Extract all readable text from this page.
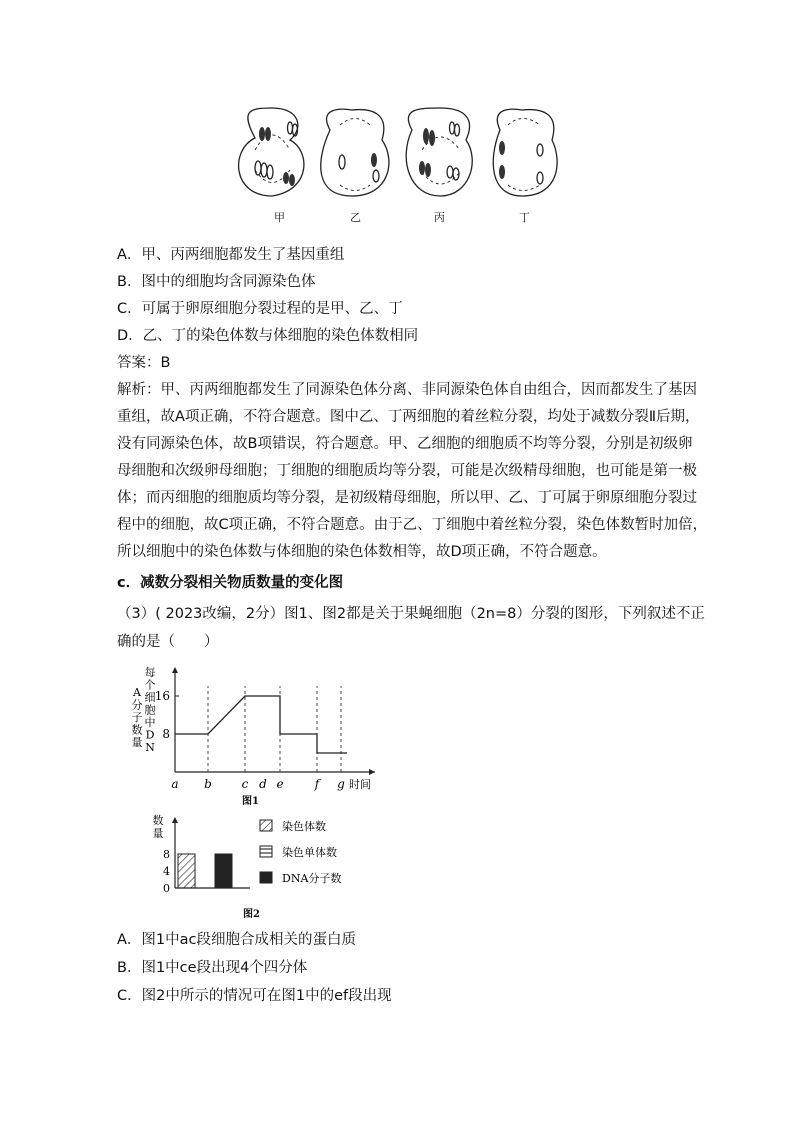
甲	乙	丙	丁
A．甲、丙两细胞都发生了基因重组
B．图中的细胞均含同源染色体
C．可属于卵原细胞分裂过程的是甲、乙、丁
D．乙、丁的染色体数与体细胞的染色体数相同
答案：B
解析：甲、丙两细胞都发生了同源染色体分离、非同源染色体自由组合，因而都发生了基因
重组，故A项正确，不符合题意。图中乙、丁两细胞的着丝粒分裂，均处于减数分裂Ⅱ后期，
没有同源染色体，故B项错误，符合题意。甲、乙细胞的细胞质不均等分裂，分别是初级卵
母细胞和次级卵母细胞；丁细胞的细胞质均等分裂，可能是次级精母细胞，也可能是第一极
体；而丙细胞的细胞质均等分裂，是初级精母细胞，所以甲、乙、丁可属于卵原细胞分裂过
程中的细胞，故C项正确，不符合题意。由于乙、丁细胞中着丝粒分裂，染色体数暂时加倍，
所以细胞中的染色体数与体细胞的染色体数相等，故D项正确，不符合题意。
c．减数分裂相关物质数量的变化图
（3）( 2023改编，2分）图1、图2都是关于果蝇细胞（2n=8）分裂的图形，下列叙述不正
确的是（　　）
每
个
细
胞
中
D
N
A
分
子
数
量
8
16
a b c d e	f g 时间
图1
数
量
0
4
8
染色体数
染色单体数
DNA分子数
图2
A．图1中ac段细胞合成相关的蛋白质
B．图1中ce段出现4个四分体
C．图2中所示的情况可在图1中的ef段出现
